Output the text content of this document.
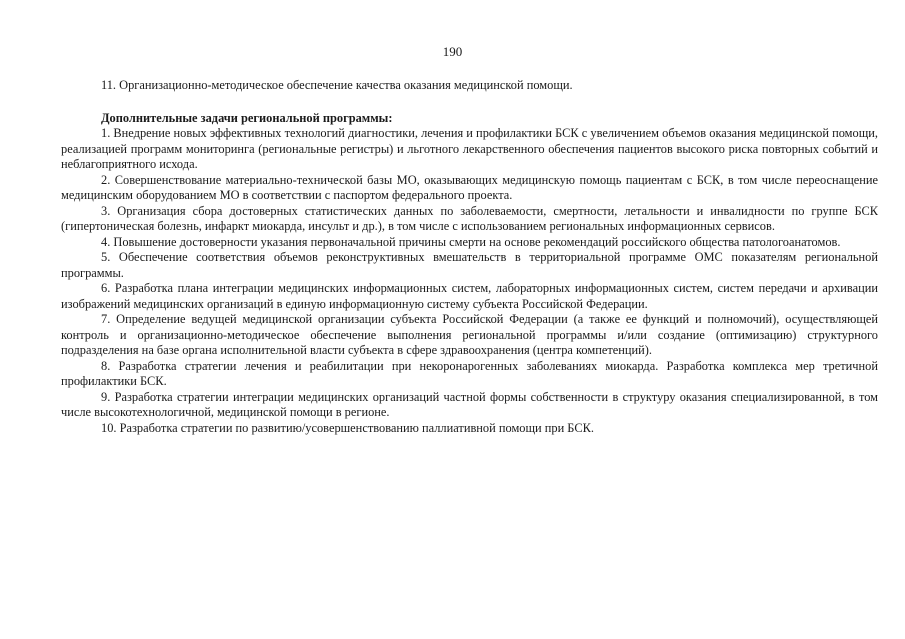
190

11. Организационно-методическое обеспечение качества оказания медицинской помощи.

Дополнительные задачи региональной программы:

1. Внедрение новых эффективных технологий диагностики, лечения и профилактики БСК с увеличением объемов оказания медицинской помощи, реализацией программ мониторинга (региональные регистры) и льготного лекарственного обеспечения пациентов высокого риска повторных событий и неблагоприятного исхода.

2. Совершенствование материально-технической базы МО, оказывающих медицинскую помощь пациентам с БСК, в том числе переоснащение медицинским оборудованием МО в соответствии с паспортом федерального проекта.

3. Организация сбора достоверных статистических данных по заболеваемости, смертности, летальности и инвалидности по группе БСК (гипертоническая болезнь, инфаркт миокарда, инсульт и др.), в том числе с использованием региональных информационных сервисов.

4. Повышение достоверности указания первоначальной причины смерти на основе рекомендаций российского общества патологоанатомов.

5. Обеспечение соответствия объемов реконструктивных вмешательств в территориальной программе ОМС показателям региональной программы.

6. Разработка плана интеграции медицинских информационных систем, лабораторных информационных систем, систем передачи и архивации изображений медицинских организаций в единую информационную систему субъекта Российской Федерации.

7. Определение ведущей медицинской организации субъекта Российской Федерации (а также ее функций и полномочий), осуществляющей контроль и организационно-методическое обеспечение выполнения региональной программы и/или создание (оптимизацию) структурного подразделения на базе органа исполнительной власти субъекта в сфере здравоохранения (центра компетенций).

8. Разработка стратегии лечения и реабилитации при некоронарогенных заболеваниях миокарда. Разработка комплекса мер третичной профилактики БСК.

9. Разработка стратегии интеграции медицинских организаций частной формы собственности в структуру оказания специализированной, в том числе высокотехнологичной, медицинской помощи в регионе.

10. Разработка стратегии по развитию/усовершенствованию паллиативной помощи при БСК.
